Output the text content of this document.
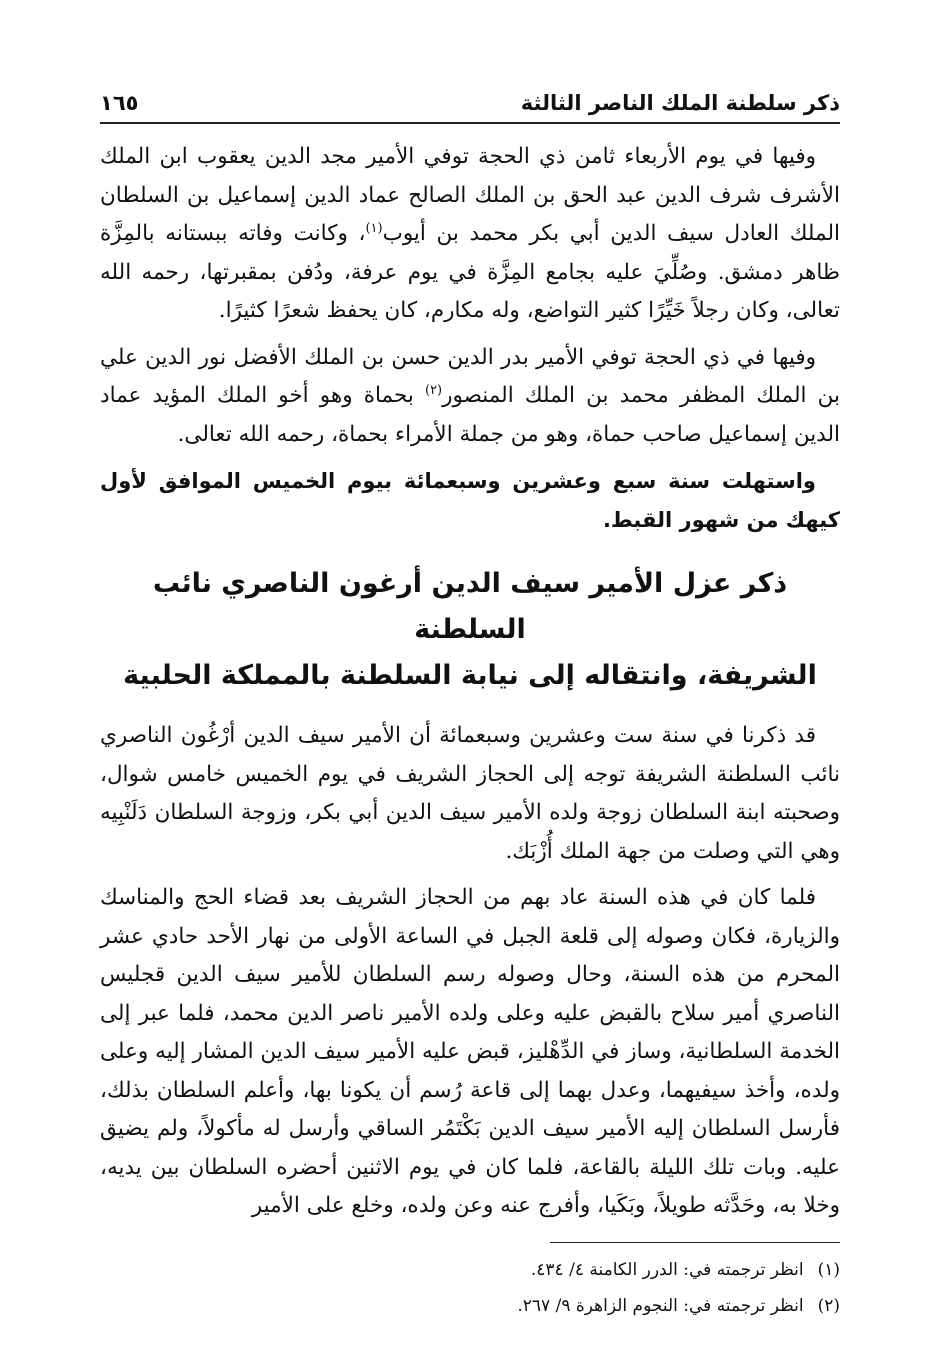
ذكر سلطنة الملك الناصر الثالثة
١٦٥

وفيها في يوم الأربعاء ثامن ذي الحجة توفي الأمير مجد الدين يعقوب ابن الملك الأشرف شرف الدين عبد الحق بن الملك الصالح عماد الدين إسماعيل بن السلطان الملك العادل سيف الدين أبي بكر محمد بن أيوب$^{(١)}$، وكانت وفاته ببستانه بالمِزَّة ظاهر دمشق. وصُلِّيَ عليه بجامع المِزَّة في يوم عرفة، ودُفن بمقبرتها، رحمه الله تعالى، وكان رجلاً خَيِّرًا كثير التواضع، وله مكارم، كان يحفظ شعرًا كثيرًا.

وفيها في ذي الحجة توفي الأمير بدر الدين حسن بن الملك الأفضل نور الدين علي بن الملك المظفر محمد بن الملك المنصور$^{(٢)}$ بحماة وهو أخو الملك المؤيد عماد الدين إسماعيل صاحب حماة، وهو من جملة الأمراء بحماة، رحمه الله تعالى.

واستهلت سنة سبع وعشرين وسبعمائة بيوم الخميس الموافق لأول كيهك من شهور القبط.

ذكر عزل الأمير سيف الدين أرغون الناصري نائب السلطنة
الشريفة، وانتقاله إلى نيابة السلطنة بالمملكة الحلبية

قد ذكرنا في سنة ست وعشرين وسبعمائة أن الأمير سيف الدين أرْغُون الناصري نائب السلطنة الشريفة توجه إلى الحجاز الشريف في يوم الخميس خامس شوال، وصحبته ابنة السلطان زوجة ولده الأمير سيف الدين أبي بكر، وزوجة السلطان دَلَنْبِيه وهي التي وصلت من جهة الملك أُزْبَك.

فلما كان في هذه السنة عاد بهم من الحجاز الشريف بعد قضاء الحج والمناسك والزيارة، فكان وصوله إلى قلعة الجبل في الساعة الأولى من نهار الأحد حادي عشر المحرم من هذه السنة، وحال وصوله رسم السلطان للأمير سيف الدين قجليس الناصري أمير سلاح بالقبض عليه وعلى ولده الأمير ناصر الدين محمد، فلما عبر إلى الخدمة السلطانية، وساز في الدِّهْليز، قبض عليه الأمير سيف الدين المشار إليه وعلى ولده، وأخذ سيفيهما، وعدل بهما إلى قاعة رُسم أن يكونا بها، وأعلم السلطان بذلك، فأرسل السلطان إليه الأمير سيف الدين بَكْتَمُر الساقي وأرسل له مأكولاً، ولم يضيق عليه. وبات تلك الليلة بالقاعة، فلما كان في يوم الاثنين أحضره السلطان بين يديه، وخلا به، وحَدَّثه طويلاً، وبَكَيا، وأفرج عنه وعن ولده، وخلع على الأمير

(١)
انظر ترجمته في: الدرر الكامنة ٤/ ٤٣٤.
(٢)
انظر ترجمته في: النجوم الزاهرة ٩/ ٢٦٧.
